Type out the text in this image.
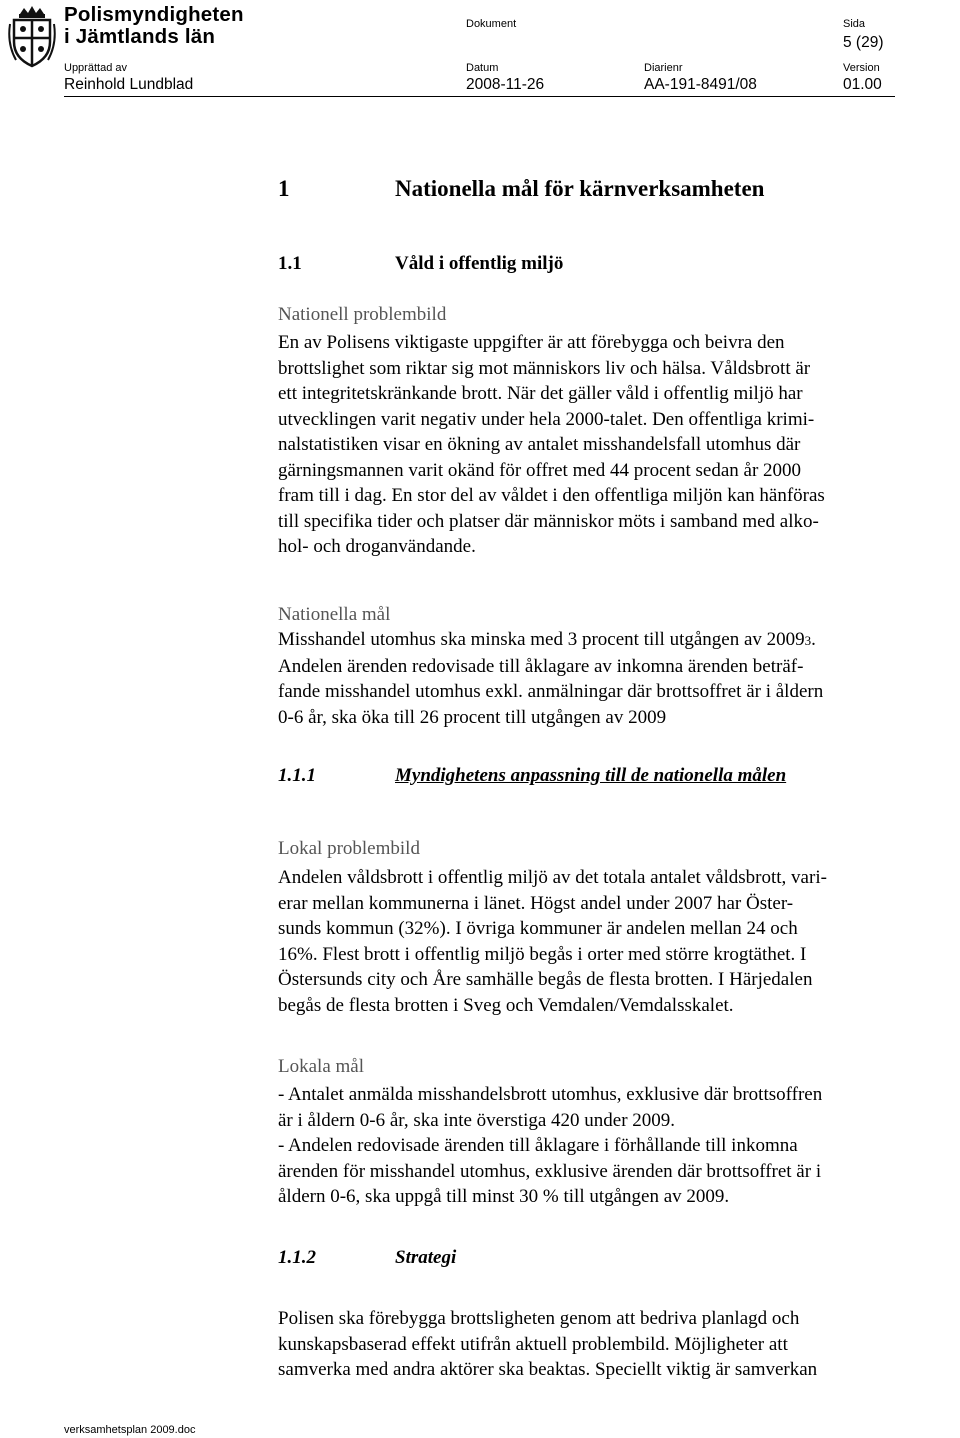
Polismyndigheten
i Jämtlands län
Dokument	Sida
5 (29)
Upprättad av	Datum	Diarienr	Version
Reinhold Lundblad	2008-11-26	AA-191-8491/08	01.00
1	Nationella mål för kärnverksamheten
1.1	Våld i offentlig miljö
Nationell problembild

En av Polisens viktigaste uppgifter är att förebygga och beivra den
brottslighet som riktar sig mot människors liv och hälsa. Våldsbrott är
ett integritetskränkande brott. När det gäller våld i offentlig miljö har
utvecklingen varit negativ under hela 2000-talet. Den offentliga krimi-
nalstatistiken visar en ökning av antalet misshandelsfall utomhus där
gärningsmannen varit okänd för offret med 44 procent sedan år 2000
fram till i dag. En stor del av våldet i den offentliga miljön kan hänföras
till specifika tider och platser där människor möts i samband med alko-
hol- och droganvändande.

Nationella mål

Misshandel utomhus ska minska med 3 procent till utgången av 20093.
Andelen ärenden redovisade till åklagare av inkomna ärenden beträf-
fande misshandel utomhus exkl. anmälningar där brottsoffret är i åldern
0-6 år, ska öka till 26 procent till utgången av 2009

1.1.1	Myndighetens anpassning till de nationella målen
Lokal problembild

Andelen våldsbrott i offentlig miljö av det totala antalet våldsbrott, vari-
erar mellan kommunerna i länet. Högst andel under 2007 har Öster-
sunds kommun (32%). I övriga kommuner är andelen mellan 24 och
16%. Flest brott i offentlig miljö begås i orter med större krogtäthet. I
Östersunds city och Åre samhälle begås de flesta brotten. I Härjedalen
begås de flesta brotten i Sveg och Vemdalen/Vemdalsskalet.

Lokala mål

- Antalet anmälda misshandelsbrott utomhus, exklusive där brottsoffren
är i åldern 0-6 år, ska inte överstiga 420 under 2009.
- Andelen redovisade ärenden till åklagare i förhållande till inkomna
ärenden för misshandel utomhus, exklusive ärenden där brottsoffret är i
åldern 0-6, ska uppgå till minst 30 % till utgången av 2009.

1.1.2	Strategi

Polisen ska förebygga brottsligheten genom att bedriva planlagd och
kunskapsbaserad effekt utifrån aktuell problembild. Möjligheter att
samverka med andra aktörer ska beaktas. Speciellt viktig är samverkan

verksamhetsplan 2009.doc
